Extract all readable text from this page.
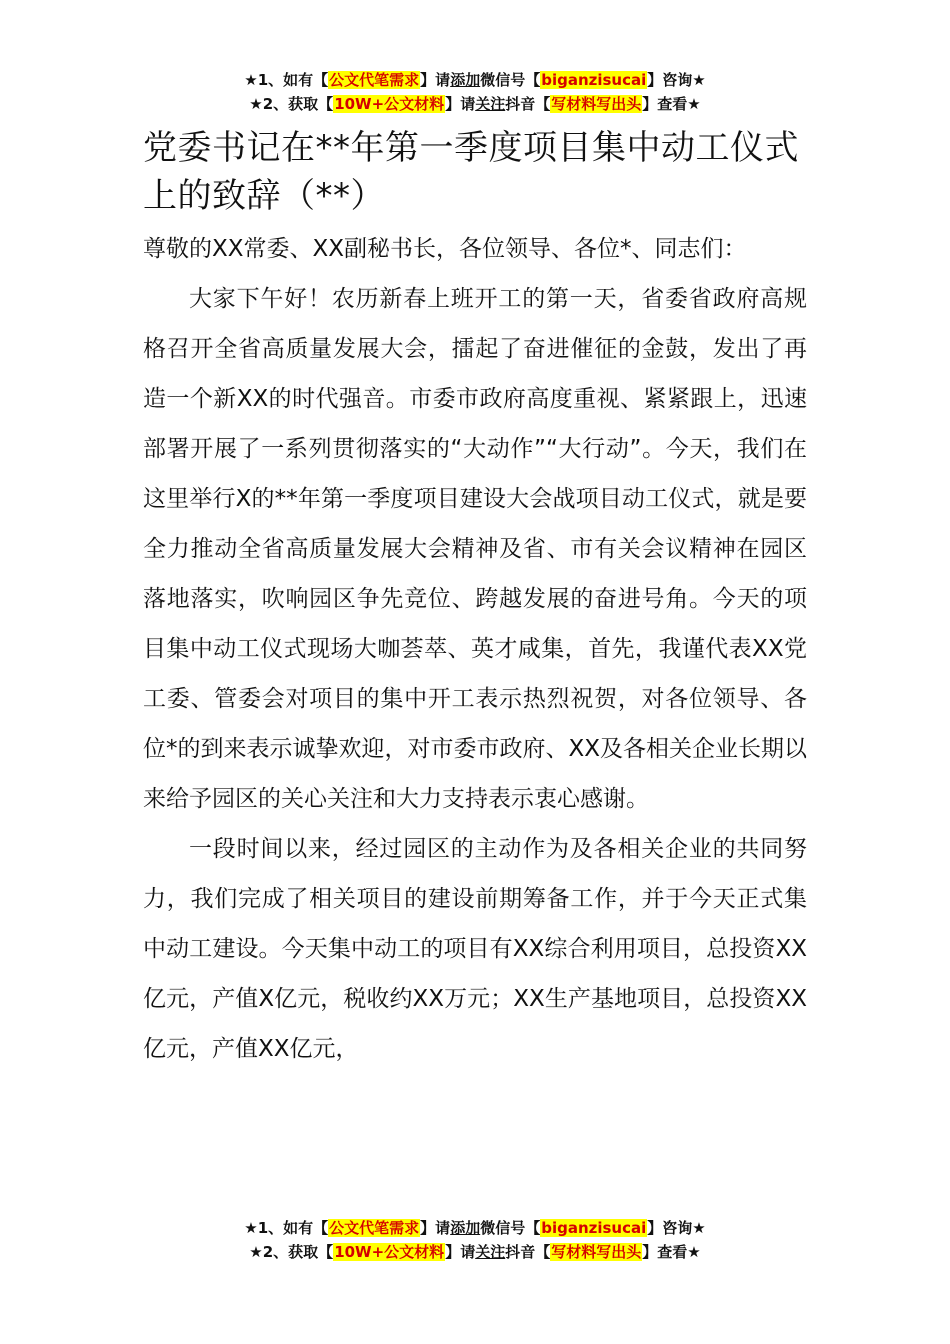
★1、如有【公文代笔需求】请添加微信号【biganzisucai】咨询★
★2、获取【10W+公文材料】请关注抖音【写材料写出头】查看★
党委书记在**年第一季度项目集中动工仪式上的致辞（**）

尊敬的XX常委、XX副秘书长，各位领导、各位*、同志们：

大家下午好！农历新春上班开工的第一天，省委省政府高规格召开全省高质量发展大会，擂起了奋进催征的金鼓，发出了再造一个新XX的时代强音。市委市政府高度重视、紧紧跟上，迅速部署开展了一系列贯彻落实的“大动作”“大行动”。今天，我们在这里举行X的**年第一季度项目建设大会战项目动工仪式，就是要全力推动全省高质量发展大会精神及省、市有关会议精神在园区落地落实，吹响园区争先竞位、跨越发展的奋进号角。今天的项目集中动工仪式现场大咖荟萃、英才咸集，首先，我谨代表XX党工委、管委会对项目的集中开工表示热烈祝贺，对各位领导、各位*的到来表示诚挚欢迎，对市委市政府、XX及各相关企业长期以来给予园区的关心关注和大力支持表示衷心感谢。

一段时间以来，经过园区的主动作为及各相关企业的共同努力，我们完成了相关项目的建设前期筹备工作，并于今天正式集中动工建设。今天集中动工的项目有XX综合利用项目，总投资XX亿元，产值X亿元，税收约XX万元；XX生产基地项目，总投资XX亿元，产值XX亿元，

★1、如有【公文代笔需求】请添加微信号【biganzisucai】咨询★
★2、获取【10W+公文材料】请关注抖音【写材料写出头】查看★
